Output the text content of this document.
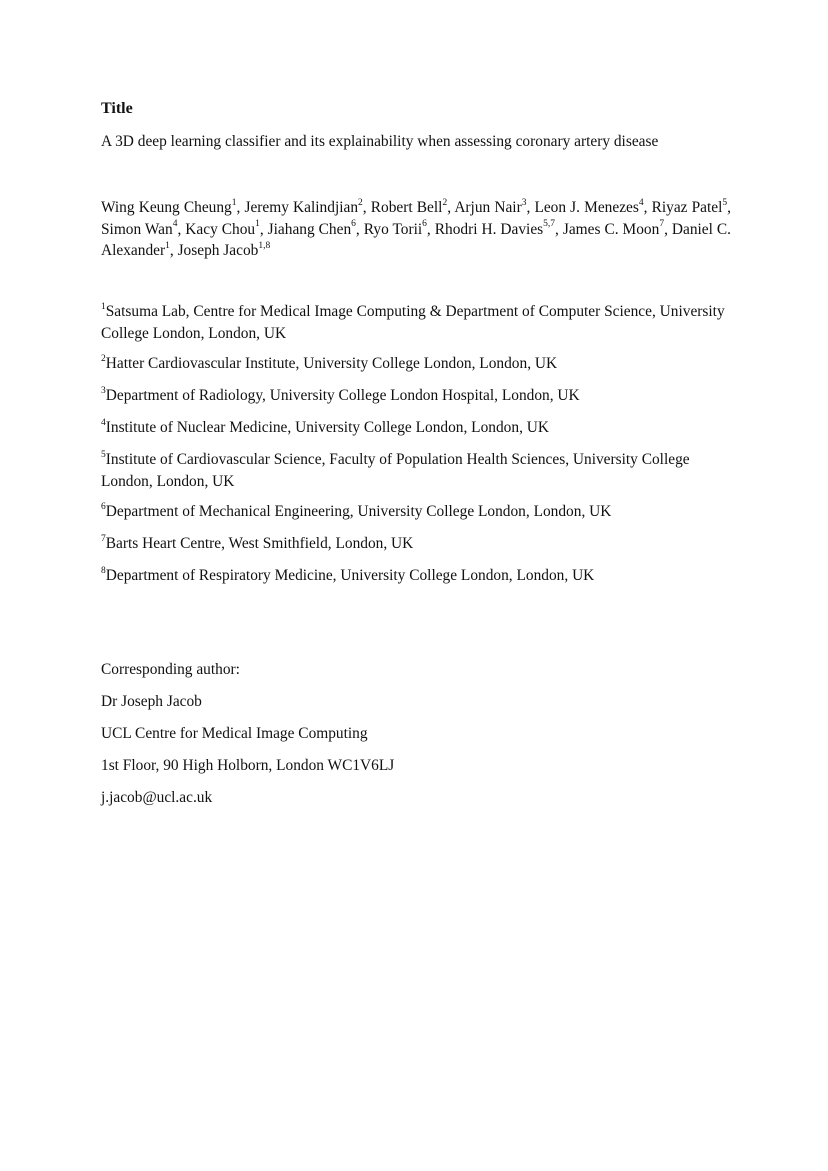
Title

A 3D deep learning classifier and its explainability when assessing coronary artery disease

Wing Keung Cheung$^1$, Jeremy Kalindjian$^2$, Robert Bell$^2$, Arjun Nair$^3$, Leon J. Menezes$^4$, Riyaz Patel$^5$, Simon Wan$^4$, Kacy Chou$^1$, Jiahang Chen$^6$, Ryo Torii$^6$, Rhodri H. Davies$^{5,7}$, James C. Moon$^7$, Daniel C. Alexander$^1$, Joseph Jacob$^{1,8}$

$^1$Satsuma Lab, Centre for Medical Image Computing & Department of Computer Science, University College London, London, UK

$^2$Hatter Cardiovascular Institute, University College London, London, UK

$^3$Department of Radiology, University College London Hospital, London, UK

$^4$Institute of Nuclear Medicine, University College London, London, UK

$^5$Institute of Cardiovascular Science, Faculty of Population Health Sciences, University College London, London, UK

$^6$Department of Mechanical Engineering, University College London, London, UK

$^7$Barts Heart Centre, West Smithfield, London, UK

$^8$Department of Respiratory Medicine, University College London, London, UK

Corresponding author:

Dr Joseph Jacob

UCL Centre for Medical Image Computing

1st Floor, 90 High Holborn, London WC1V6LJ

j.jacob@ucl.ac.uk
